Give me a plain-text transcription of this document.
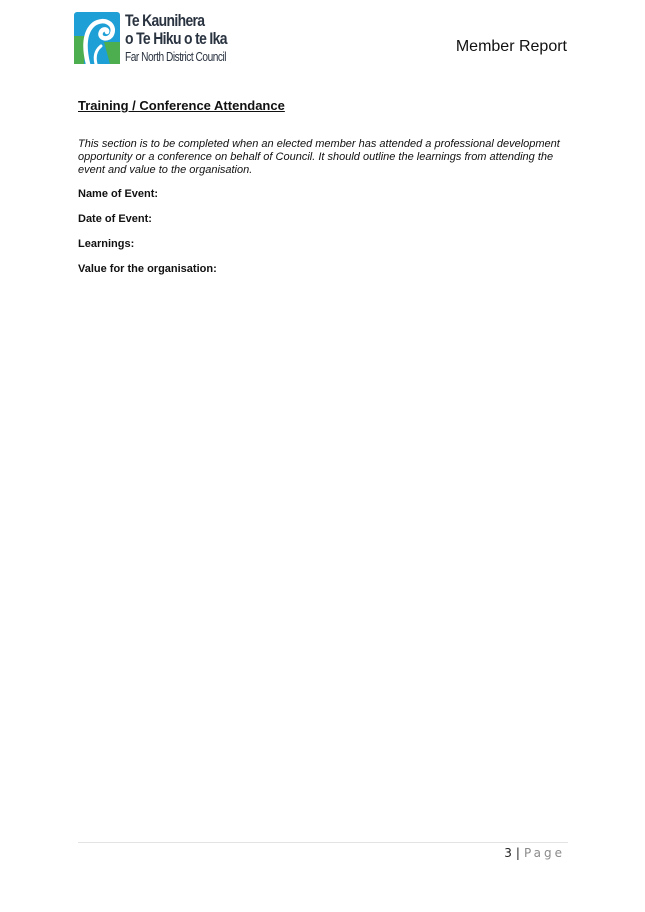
Te Kaunihera
o Te Hiku o te Ika
Far North District Council
Member Report
Training / Conference Attendance
This section is to be completed when an elected member has attended a professional development opportunity or a conference on behalf of Council. It should outline the learnings from attending the event and value to the organisation.
Name of Event:
Date of Event:
Learnings:
Value for the organisation:
3 | Page
